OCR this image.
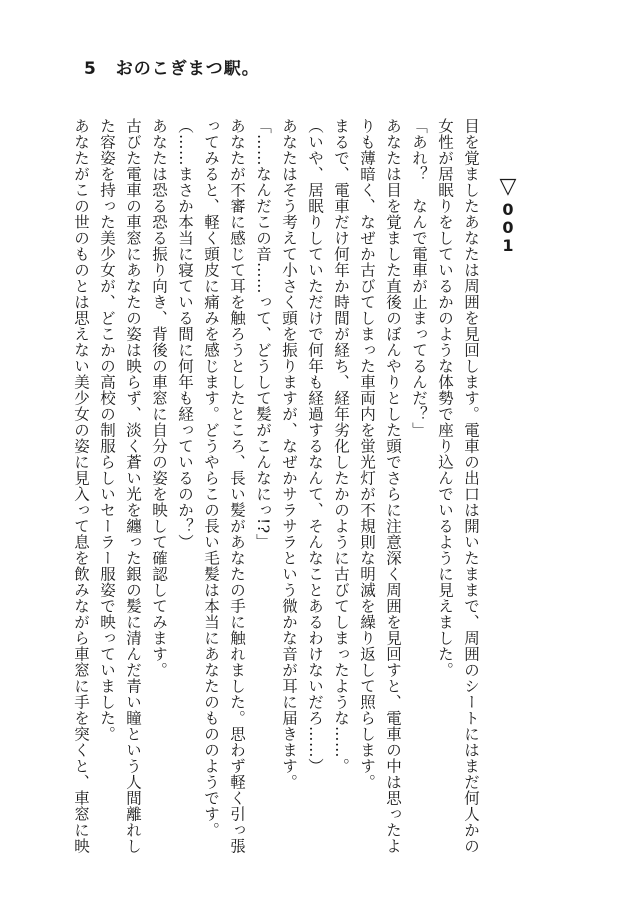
5 おのこぎまつ駅。
▽
001
目を覚ましたあなたは周囲を見回します。電車の出口は開いたままで、周囲のシートにはまだ何人かの
女性が居眠りをしているかのような体勢で座り込んでいるように見えました。
「あれ？　なんで電車が止まってるんだ？」
あなたは目を覚ました直後のぼんやりとした頭でさらに注意深く周囲を見回すと、電車の中は思ったよ
りも薄暗く、なぜか古びてしまった車両内を蛍光灯が不規則な明滅を繰り返して照らします。
まるで、電車だけ何年か時間が経ち、経年劣化したかのように古びてしまったような……。
（いや、居眠りしていただけで何年も経過するなんて、そんなことあるわけないだろ……）
あなたはそう考えて小さく頭を振りますが、なぜかサラサラという微かな音が耳に届きます。
「……なんだこの音……って、どうして髪がこんなにっ!?」
あなたが不審に感じて耳を触ろうとしたところ、長い髪があなたの手に触れました。思わず軽く引っ張
ってみると、軽く頭皮に痛みを感じます。どうやらこの長い毛髪は本当にあなたのもののようです。
（……まさか本当に寝ている間に何年も経っているのか？）
あなたは恐る恐る振り向き、背後の車窓に自分の姿を映して確認してみます。
古びた電車の車窓にあなたの姿は映らず、淡く蒼い光を纏った銀の髪に清んだ青い瞳という人間離れし
た容姿を持った美少女が、どこかの高校の制服らしいセーラー服姿で映っていました。
あなたがこの世のものとは思えない美少女の姿に見入って息を飲みながら車窓に手を突くと、車窓に映
